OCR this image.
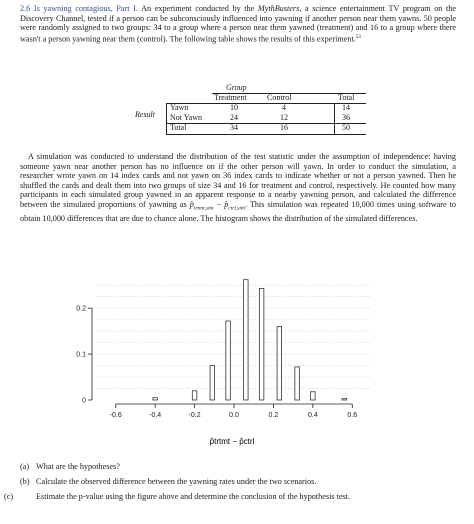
2.6 Is yawning contagious, Part I. An experiment conducted by the MythBusters, a science entertainment TV program on the Discovery Channel, tested if a person can be subconsciously influenced into yawning if another person near them yawns. 50 people were randomly assigned to two groups: 34 to a group where a person near them yawned (treatment) and 16 to a group where there wasn't a person yawning near them (control). The following table shows the results of this experiment.$^{53}$
Group
Treatment	Control	Total
Result
Yawn	10	4	14
Not Yawn	24	12	36
Total	34	16	50
A simulation was conducted to understand the distribution of the test statistic under the assumption of independence: having someone yawn near another person has no influence on if the other person will yawn. In order to conduct the simulation, a researcher wrote yawn on 14 index cards and not yawn on 36 index cards to indicate whether or not a person yawned. Then he shuffled the cards and dealt them into two groups of size 34 and 16 for treatment and control, respectively. He counted how many participants in each simulated group yawned in an apparent response to a nearby yawning person, and calculated the difference between the simulated proportions of yawning as $p̂_{trtmt,sim}$ − $p̂_{ctrl,sim}$. This simulation was repeated 10,000 times using software to obtain 10,000 differences that are due to chance alone. The histogram shows the distribution of the simulated differences.
-0.6	-0.4	-0.2	0.0	0.2	0.4	0.6
0
0.1
0.2
p̂trtmt − p̂ctrl
(a) What are the hypotheses?
(b) Calculate the observed difference between the yawning rates under the two scenarios.
(c)	Estimate the p-value using the figure above and determine the conclusion of the hypothesis test.
